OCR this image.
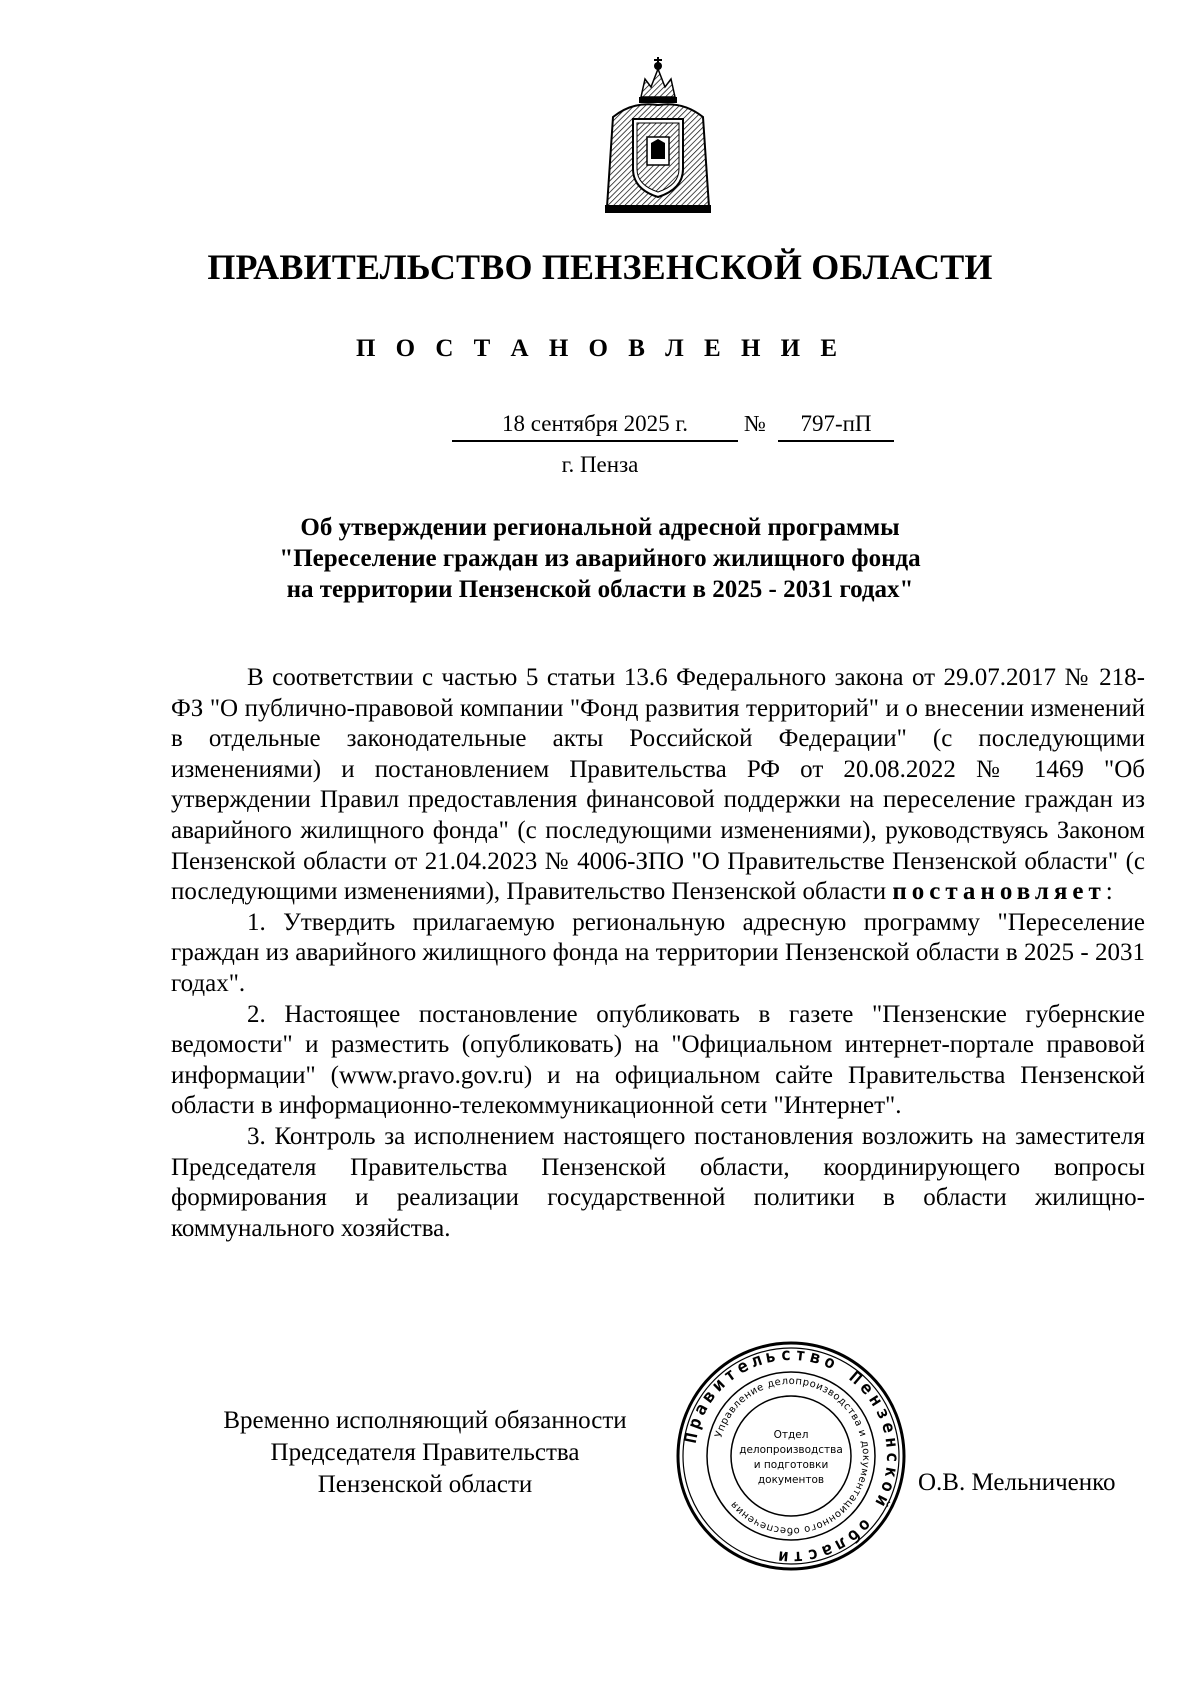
ПРАВИТЕЛЬСТВО ПЕНЗЕНСКОЙ ОБЛАСТИ
П О С Т А Н О В Л Е Н И Е
18 сентября 2025 г.	№	797-пП
г. Пенза
Об утверждении региональной адресной программы
"Переселение граждан из аварийного жилищного фонда
на территории Пензенской области в 2025 - 2031 годах"

В соответствии с частью 5 статьи 13.6 Федерального закона от 29.07.2017 № 218-ФЗ "О публично-правовой компании "Фонд развития территорий" и о внесении изменений в отдельные законодательные акты Российской Федерации" (с последующими изменениями) и постановлением Правительства РФ от 20.08.2022 № 1469 "Об утверждении Правил предоставления финансовой поддержки на переселение граждан из аварийного жилищного фонда" (с последующими изменениями), руководствуясь Законом Пензенской области от 21.04.2023 № 4006-ЗПО "О Правительстве Пензенской области" (с последующими изменениями), Правительство Пензенской области постановляет:

1. Утвердить прилагаемую региональную адресную программу "Переселение граждан из аварийного жилищного фонда на территории Пензенской области в 2025 - 2031 годах".

2. Настоящее постановление опубликовать в газете "Пензенские губернские ведомости" и разместить (опубликовать) на "Официальном интернет-портале правовой информации" (www.pravo.gov.ru) и на официальном сайте Правительства Пензенской области в информационно-телекоммуникационной сети "Интернет".

3. Контроль за исполнением настоящего постановления возложить на заместителя Председателя Правительства Пензенской области, координирующего вопросы формирования и реализации государственной политики в области жилищно-коммунального хозяйства.

Временно исполняющий обязанности
Председателя Правительства
Пензенской области
Правительство Пензенской области
Управление делопроизводства и документационного обеспечения
Отдел
делопроизводства
и подготовки
документов	О.В. Мельниченко
